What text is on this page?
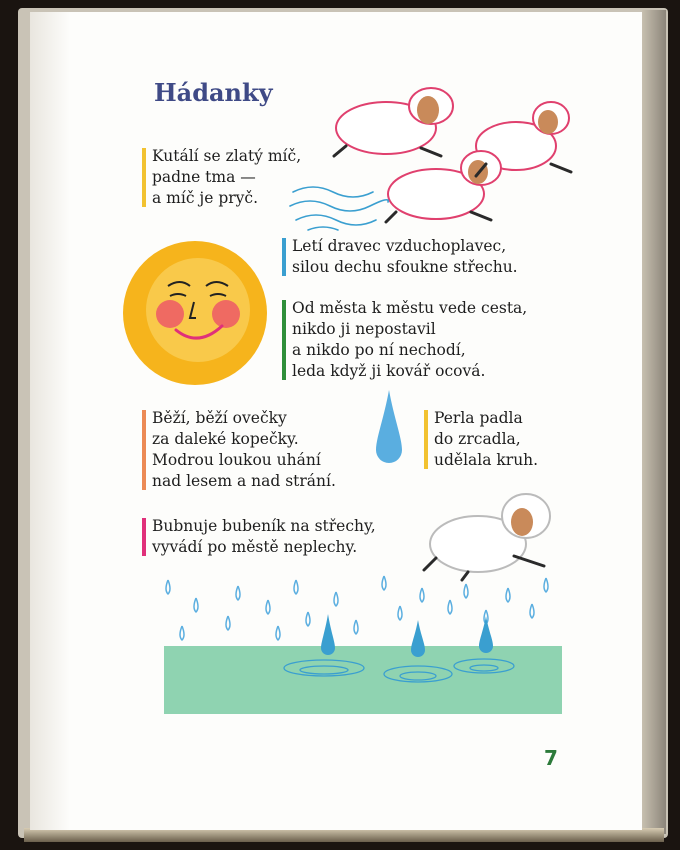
Hádanky
Kutálí se zlatý míč,
padne tma —
a míč je pryč.
Letí dravec vzduchoplavec,
silou dechu sfoukne střechu.
Od města k městu vede cesta,
nikdo ji nepostavil
a nikdo po ní nechodí,
leda když ji kovář ocová.
Běží, běží ovečky
za daleké kopečky.
Modrou loukou uhání
nad lesem a nad strání.
Perla padla
do zrcadla,
udělala kruh.
Bubnuje bubeník na střechy,
vyvádí po městě neplechy.
7
